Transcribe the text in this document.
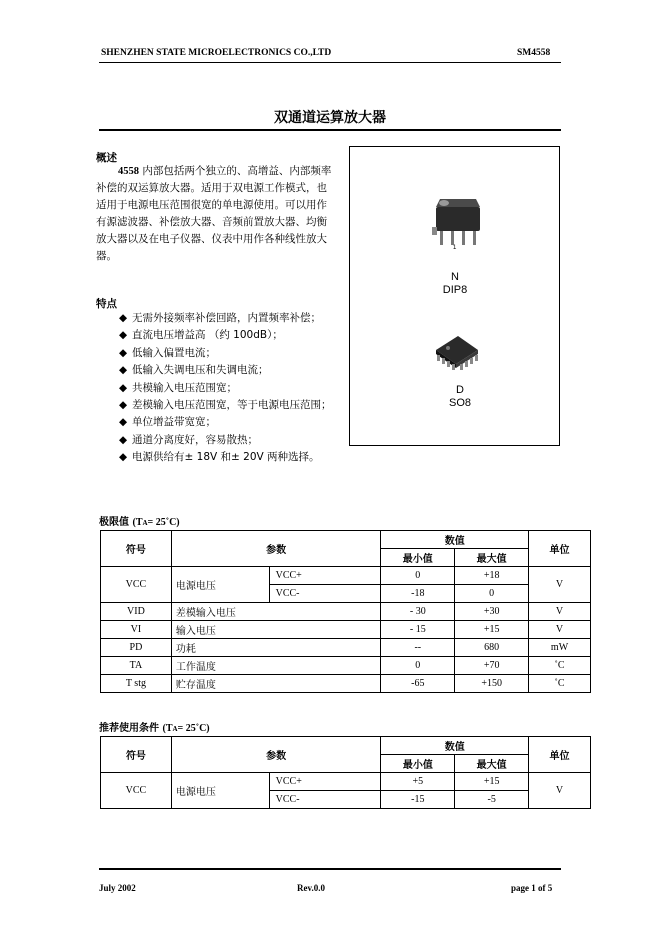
SHENZHEN STATE MICROELECTRONICS CO.,LTD	SM4558
双通道运算放大器
概述
4558 内部包括两个独立的、高增益、内部频率补偿的双运算放大器。适用于双电源工作模式，也适用于电源电压范围很宽的单电源使用。可以用作有源滤波器、补偿放大器、音频前置放大器、均衡放大器以及在电子仪器、仪表中用作各种线性放大器。
特点
◆ 无需外接频率补偿回路，内置频率补偿；
◆ 直流电压增益高 （约 100dB）；
◆ 低输入偏置电流；
◆ 低输入失调电压和失调电流；
◆ 共模输入电压范围宽；
◆ 差模输入电压范围宽，等于电源电压范围；
◆ 单位增益带宽宽；
◆ 通道分离度好，容易散热；
◆ 电源供给有± 18V 和± 20V 两种选择。
1
N
DIP8
D
SO8
极限值 (TA= 25˚C)
符号	参数		数值		单位
			最小值	最大值	
VCC	电源电压	VCC+	0	+18	V
		VCC-	-18	0	
VID	差模输入电压		- 30	+30	V
VI	输入电压		- 15	+15	V
PD	功耗		--	680	mW
TA	工作温度		0	+70	˚C
T stg	贮存温度		-65	+150	˚C
推荐使用条件 (TA= 25˚C)
符号	参数		数值		单位
			最小值	最大值	
VCC	电源电压	VCC+	+5	+15	V
		VCC-	-15	-5	
July 2002	Rev.0.0	page 1 of 5
